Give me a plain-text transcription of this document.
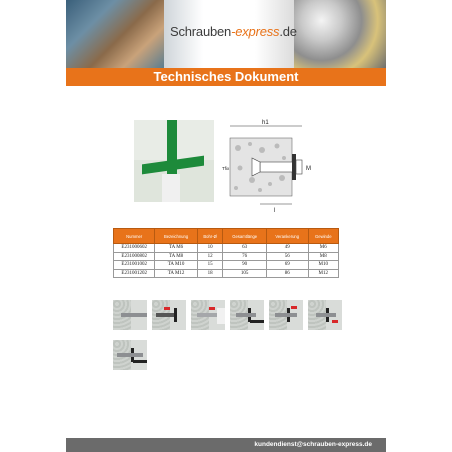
Schrauben-express.de
Technisches Dokument
h1
l
Tfix	M
Nummer	Bezeichnung	Bohr-Ø	Gesamtlänge	Verankerung	Gewinde
E231000602	TA M6	10	63	49	M6
E231000802	TA M8	12	76	56	M8
E231001002	TA M10	15	90	69	M10
E231001202	TA M12	18	105	86	M12
kundendienst@schrauben-express.de
